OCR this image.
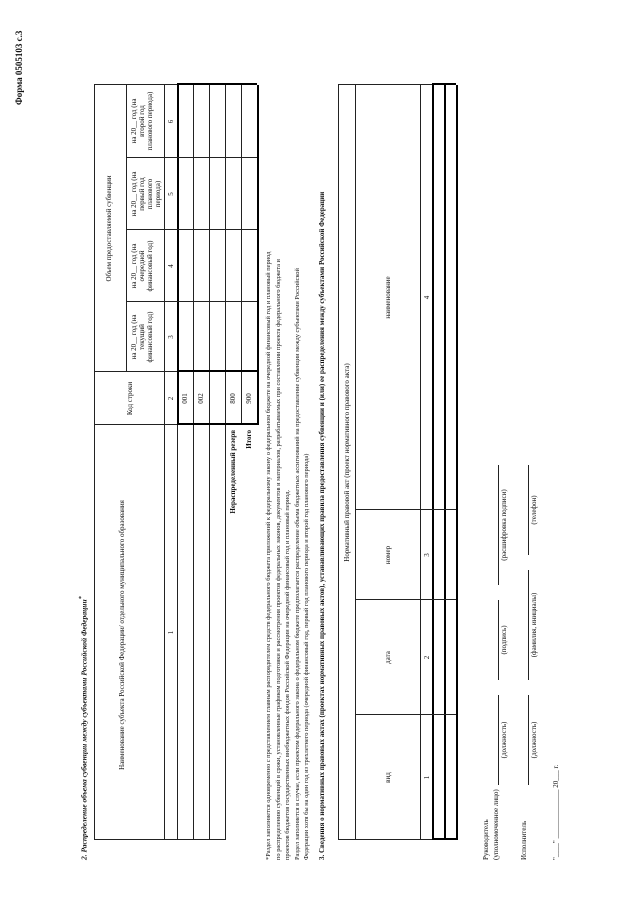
Форма 0505103 с.3
2. Распределение объема субвенции между субъектами Российской Федерации*	Наименование субъекта Российской Федерации/ отдельного муниципального образования
Код строки
Объем предоставляемой субвенции
на 20__ год (на текущий финансовый год)
на 20__ год (на очередной финансовый год)
на 20__ год (на первый год планового периода)
на 20__ год (на второй год планового периода)
1
2
3
4
5
6
001 002	800 900
Нераспределенный резерв Итого *Раздел заполняется одновременно с представлением главным распорядителем средств федерального бюджета приложений к федеральному закону о федеральном бюджете на очередной финансовый год и плановый период по распределению субвенций в сроки, установленные графиком подготовки и рассмотрения проектов федеральных законов, документов и материалов, разрабатываемых при составлении проекта федерального бюджета и проектов бюджетов государственных внебюджетных фондов Российской Федерации на очередной финансовый год и плановый период. Раздел заполняется в случае, если проектом федерального закона о федеральном бюджете предполагается распределение объема бюджетных ассигнований на предоставление субвенции между субъектами Российской Федерации хотя бы на один год из трехлетнего периода (очередной финансовый год, первый год планового периода и второй год планового периода) 3. Сведения о нормативных правовых актах (проектах нормативных правовых актов), устанавливающих правила предоставления субвенции и (или) ее распределения между субъектами Российской Федерации Нормативный правовой акт (проект нормативного правового акта)
вид
дата
номер
наименование
1
2
3
4
Руководитель (уполномоченное лицо)
(должность)
(подпись)
(расшифровка подписи)
Исполнитель
(должность)
(фамилия, инициалы)
(телефон)
"____" ______________ 20___ г.
